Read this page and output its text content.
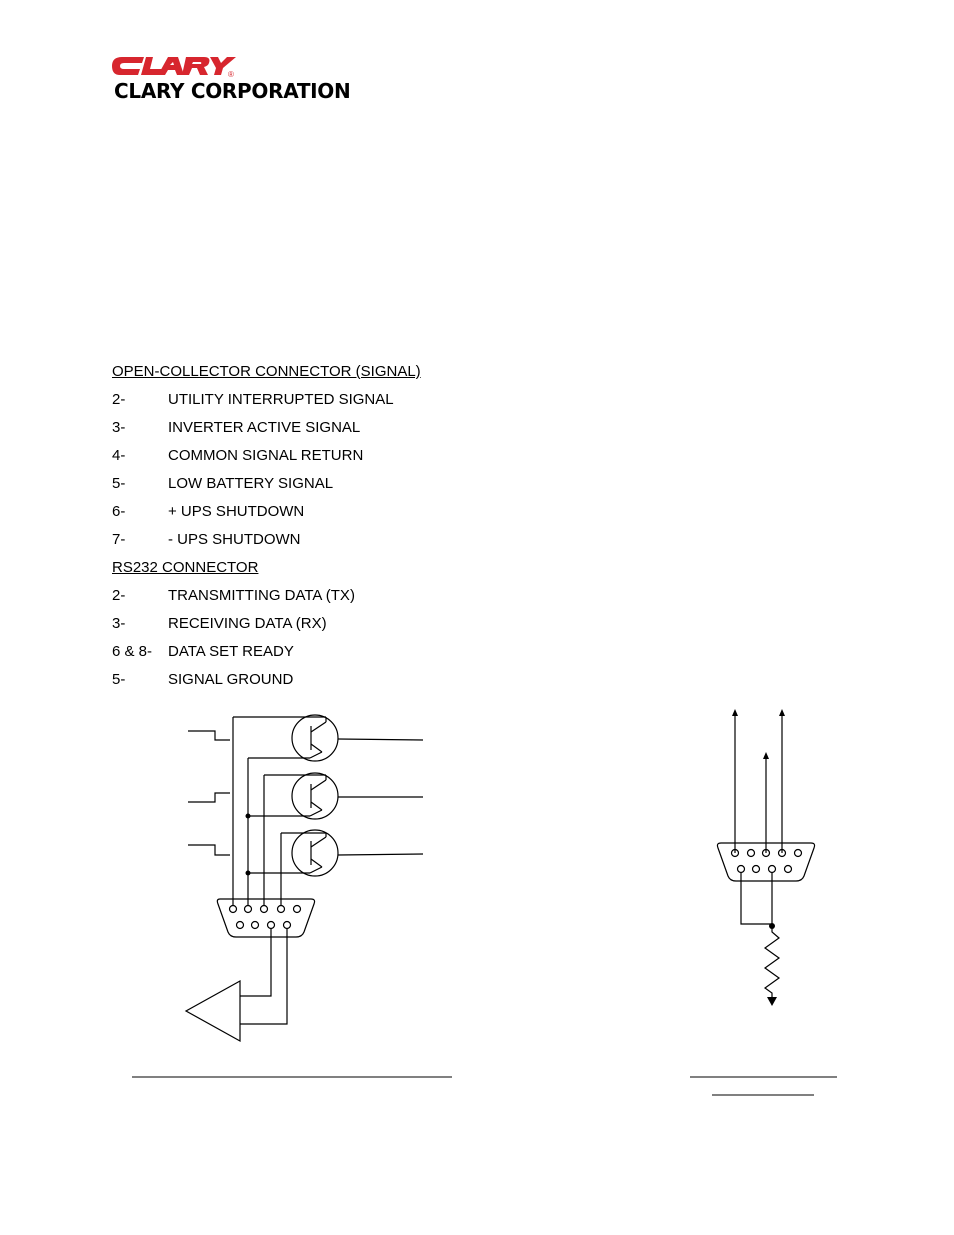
®
CLARY CORPORATION
OPEN-COLLECTOR CONNECTOR (SIGNAL)
2-	UTILITY INTERRUPTED SIGNAL
3-	INVERTER ACTIVE SIGNAL
4-	COMMON SIGNAL RETURN
5-	LOW BATTERY SIGNAL
6-	+ UPS SHUTDOWN
7-	- UPS SHUTDOWN
RS232 CONNECTOR
2-	TRANSMITTING DATA (TX)
3-	RECEIVING DATA (RX)
6 & 8- DATA SET READY
5-	SIGNAL GROUND
